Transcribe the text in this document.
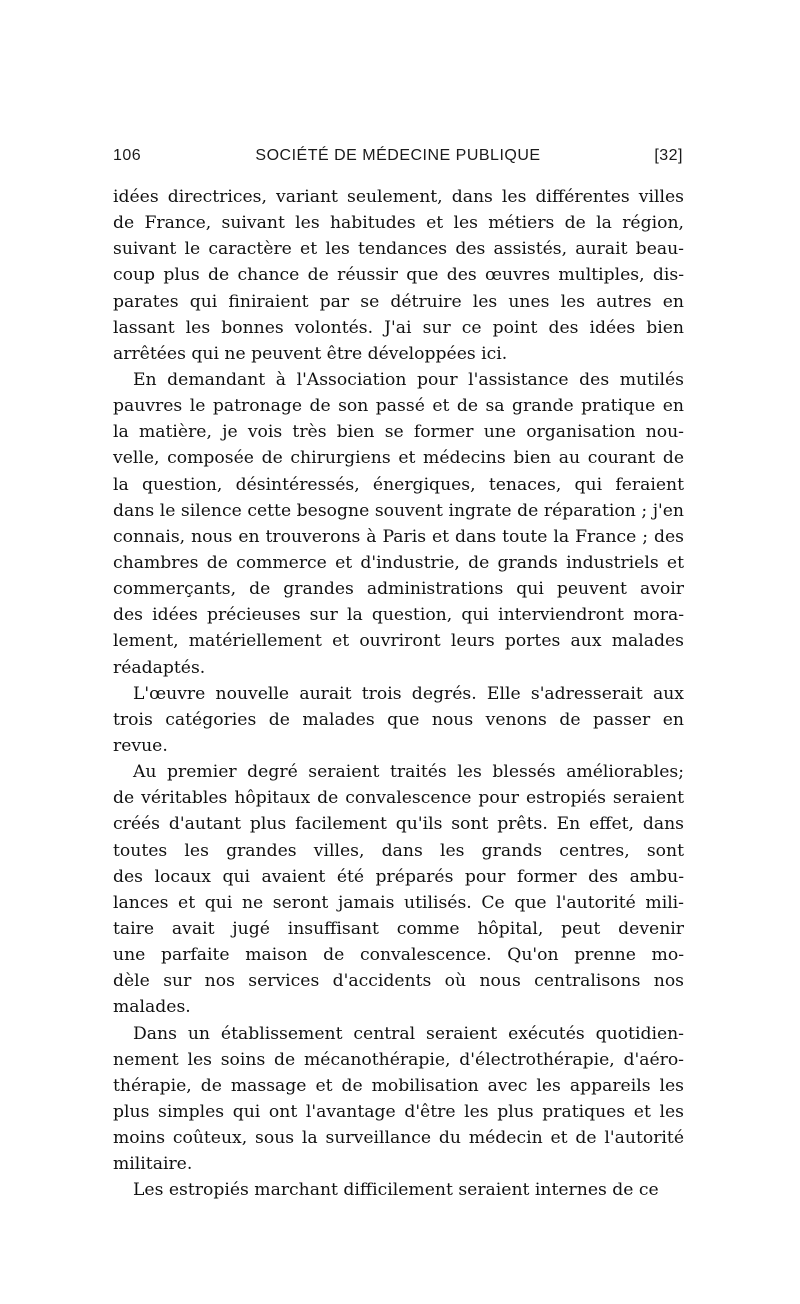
106	SOCIÉTÉ DE MÉDECINE PUBLIQUE	[32]
idées directrices, variant seulement, dans les différentes villes
de France, suivant les habitudes et les métiers de la région,
suivant le caractère et les tendances des assistés, aurait beau-
coup plus de chance de réussir que des œuvres multiples, dis-
parates qui finiraient par se détruire les unes les autres en
lassant les bonnes volontés. J'ai sur ce point des idées bien
arrêtées qui ne peuvent être développées ici.
En demandant à l'Association pour l'assistance des mutilés
pauvres le patronage de son passé et de sa grande pratique en
la matière, je vois très bien se former une organisation nou-
velle, composée de chirurgiens et médecins bien au courant de
la question, désintéressés, énergiques, tenaces, qui feraient
dans le silence cette besogne souvent ingrate de réparation ; j'en
connais, nous en trouverons à Paris et dans toute la France ; des
chambres de commerce et d'industrie, de grands industriels et
commerçants, de grandes administrations qui peuvent avoir
des idées précieuses sur la question, qui interviendront mora-
lement, matériellement et ouvriront leurs portes aux malades
réadaptés.
L'œuvre nouvelle aurait trois degrés. Elle s'adresserait aux
trois catégories de malades que nous venons de passer en
revue.
Au premier degré seraient traités les blessés améliorables;
de véritables hôpitaux de convalescence pour estropiés seraient
créés d'autant plus facilement qu'ils sont prêts. En effet, dans
toutes les grandes villes, dans les grands centres, sont
des locaux qui avaient été préparés pour former des ambu-
lances et qui ne seront jamais utilisés. Ce que l'autorité mili-
taire avait jugé insuffisant comme hôpital, peut devenir
une parfaite maison de convalescence. Qu'on prenne mo-
dèle sur nos services d'accidents où nous centralisons nos
malades.
Dans un établissement central seraient exécutés quotidien-
nement les soins de mécanothérapie, d'électrothérapie, d'aéro-
thérapie, de massage et de mobilisation avec les appareils les
plus simples qui ont l'avantage d'être les plus pratiques et les
moins coûteux, sous la surveillance du médecin et de l'autorité
militaire.
Les estropiés marchant difficilement seraient internes de ce
